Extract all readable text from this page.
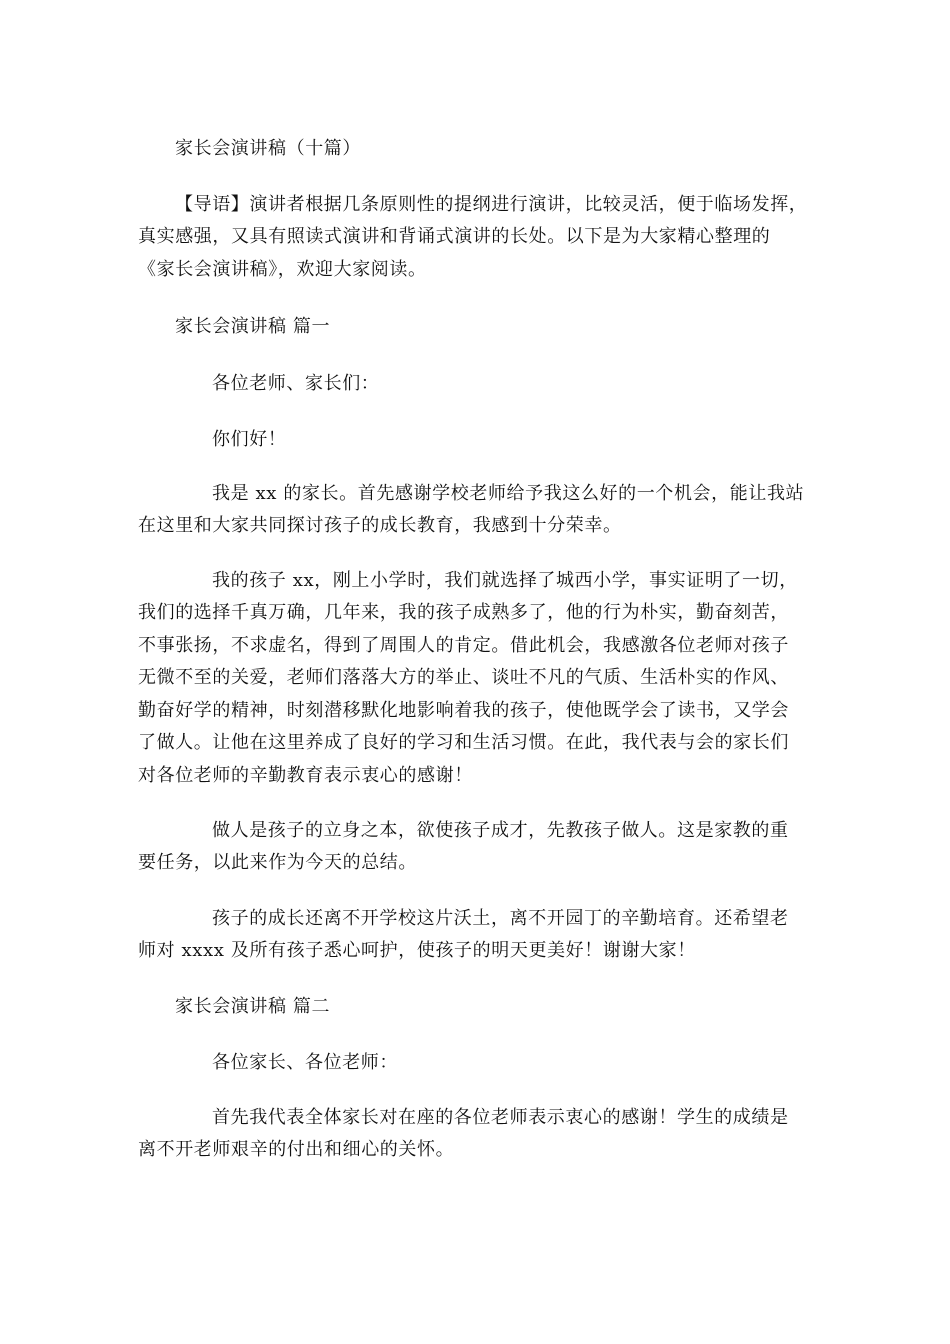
家长会演讲稿（十篇）
【导语】演讲者根据几条原则性的提纲进行演讲，比较灵活，便于临场发挥，
真实感强，又具有照读式演讲和背诵式演讲的长处。以下是为大家精心整理的
《家长会演讲稿》，欢迎大家阅读。
家长会演讲稿 篇一
各位老师、家长们：
你们好！
我是 xx 的家长。首先感谢学校老师给予我这么好的一个机会，能让我站
在这里和大家共同探讨孩子的成长教育，我感到十分荣幸。
我的孩子 xx，刚上小学时，我们就选择了城西小学，事实证明了一切，
我们的选择千真万确，几年来，我的孩子成熟多了，他的行为朴实，勤奋刻苦，
不事张扬，不求虚名，得到了周围人的肯定。借此机会，我感激各位老师对孩子
无微不至的关爱，老师们落落大方的举止、谈吐不凡的气质、生活朴实的作风、
勤奋好学的精神，时刻潜移默化地影响着我的孩子，使他既学会了读书，又学会
了做人。让他在这里养成了良好的学习和生活习惯。在此，我代表与会的家长们
对各位老师的辛勤教育表示衷心的感谢！
做人是孩子的立身之本，欲使孩子成才，先教孩子做人。这是家教的重
要任务，以此来作为今天的总结。
孩子的成长还离不开学校这片沃土，离不开园丁的辛勤培育。还希望老
师对 xxxx 及所有孩子悉心呵护，使孩子的明天更美好！谢谢大家！
家长会演讲稿 篇二
各位家长、各位老师：
首先我代表全体家长对在座的各位老师表示衷心的感谢！学生的成绩是
离不开老师艰辛的付出和细心的关怀。
